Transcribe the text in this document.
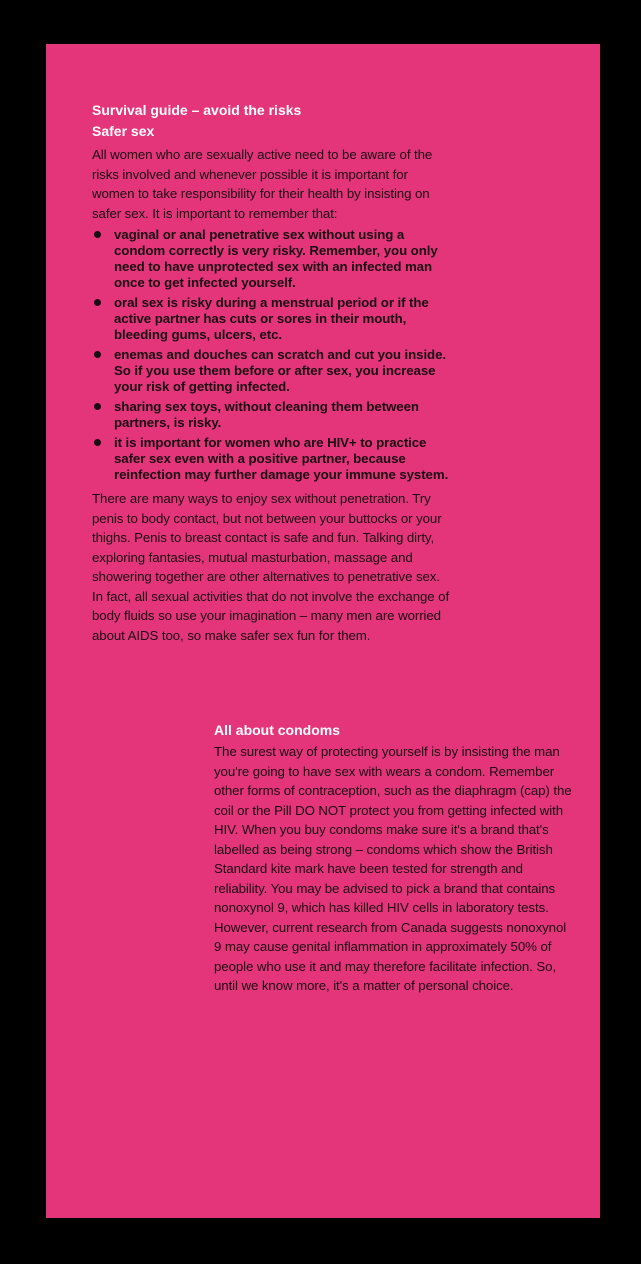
Survival guide – avoid the risks
Safer sex

All women who are sexually active need to be aware of the risks involved and whenever possible it is important for women to take responsibility for their health by insisting on safer sex. It is important to remember that:

vaginal or anal penetrative sex without using a condom correctly is very risky. Remember, you only need to have unprotected sex with an infected man once to get infected yourself.
oral sex is risky during a menstrual period or if the active partner has cuts or sores in their mouth, bleeding gums, ulcers, etc.
enemas and douches can scratch and cut you inside. So if you use them before or after sex, you increase your risk of getting infected.
sharing sex toys, without cleaning them between partners, is risky.
it is important for women who are HIV+ to practice safer sex even with a positive partner, because reinfection may further damage your immune system.

There are many ways to enjoy sex without penetration. Try penis to body contact, but not between your buttocks or your thighs. Penis to breast contact is safe and fun. Talking dirty, exploring fantasies, mutual masturbation, massage and showering together are other alternatives to penetrative sex. In fact, all sexual activities that do not involve the exchange of body fluids so use your imagination – many men are worried about AIDS too, so make safer sex fun for them.

All about condoms

The surest way of protecting yourself is by insisting the man you're going to have sex with wears a condom. Remember other forms of contraception, such as the diaphragm (cap) the coil or the Pill DO NOT protect you from getting infected with HIV. When you buy condoms make sure it's a brand that's labelled as being strong – condoms which show the British Standard kite mark have been tested for strength and reliability. You may be advised to pick a brand that contains nonoxynol 9, which has killed HIV cells in laboratory tests. However, current research from Canada suggests nonoxynol 9 may cause genital inflammation in approximately 50% of people who use it and may therefore facilitate infection. So, until we know more, it's a matter of personal choice.
